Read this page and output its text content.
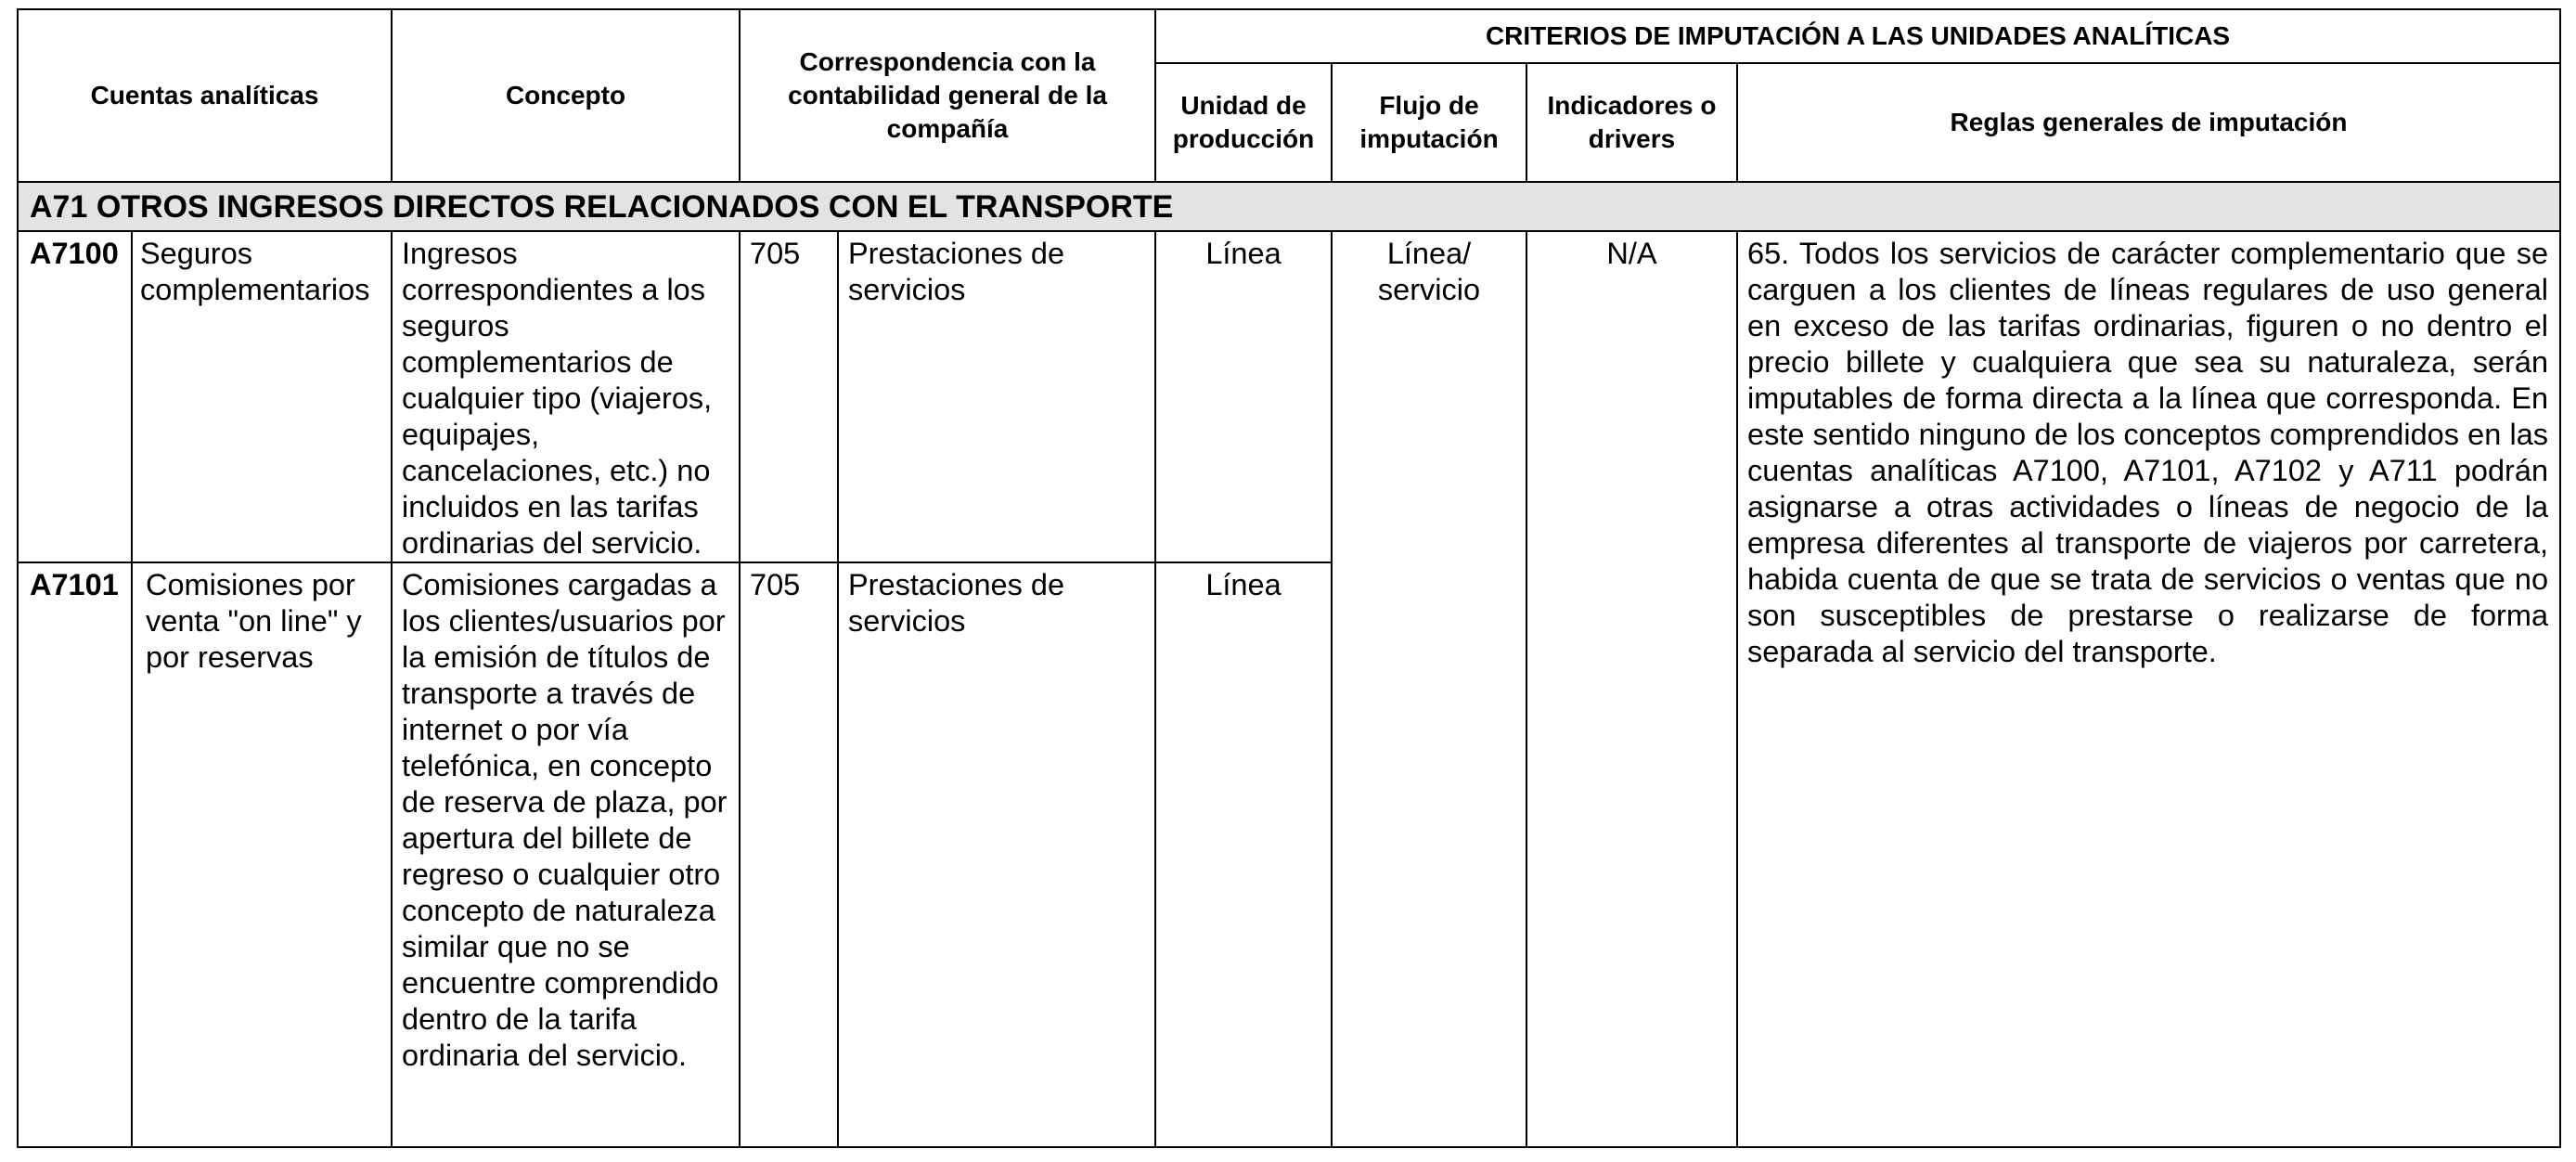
Cuentas analíticas		Concepto	Correspondencia con la contabilidad general de la compañía		CRITERIOS DE IMPUTACIÓN A LAS UNIDADES ANALÍTICAS			
					Unidad de producción	Flujo de imputación	Indicadores o drivers	Reglas generales de imputación
A71 OTROS INGRESOS DIRECTOS RELACIONADOS CON EL TRANSPORTE								
A7100	Seguros complementarios	Ingresos correspondientes a los seguros complementarios de cualquier tipo (viajeros, equipajes, cancelaciones, etc.) no incluidos en las tarifas ordinarias del servicio.	705	Prestaciones de servicios	Línea	Línea/ servicio	N/A	65. Todos los servicios de carácter complementario que se carguen a los clientes de líneas regulares de uso general en exceso de las tarifas ordinarias, figuren o no dentro el precio billete y cualquiera que sea su naturaleza, serán imputables de forma directa a la línea que corresponda. En este sentido ninguno de los conceptos comprendidos en las cuentas analíticas A7100, A7101, A7102 y A711 podrán asignarse a otras actividades o líneas de negocio de la empresa diferentes al transporte de viajeros por carretera, habida cuenta de que se trata de servicios o ventas que no son susceptibles de prestarse o realizarse de forma separada al servicio del transporte.
A7101	Comisiones por venta "on line" y por reservas	Comisiones cargadas a los clientes/usuarios por la emisión de títulos de transporte a través de internet o por vía telefónica, en concepto de reserva de plaza, por apertura del billete de regreso o cualquier otro concepto de naturaleza similar que no se encuentre comprendido dentro de la tarifa ordinaria del servicio.	705	Prestaciones de servicios	Línea			
